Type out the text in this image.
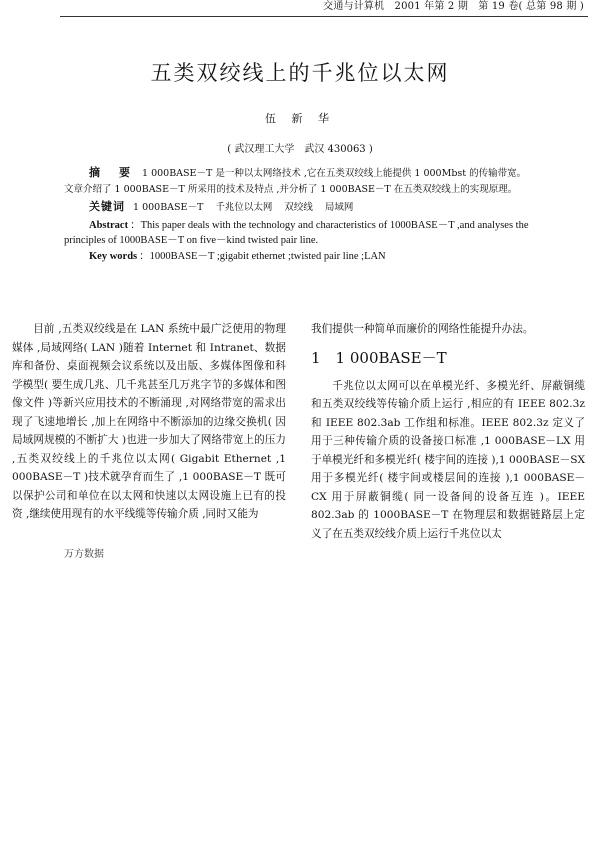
交通与计算机　2001 年第 2 期　第 19 卷( 总第 98 期 )
五类双绞线上的千兆位以太网
伍 新 华
( 武汉理工大学　武汉 430063 )

摘　要 1 000BASE－T 是一种以太网络技术 ,它在五类双绞线上能提供 1 000Mbst 的传输带宽。文章介绍了 1 000BASE－T 所采用的技术及特点 ,并分析了 1 000BASE－T 在五类双绞线上的实现原理。

关键词 1 000BASE－T 千兆位以太网 双绞线 局域网

Abstract ：This paper deals with the technology and characteristics of 1000BASE－T ,and analyses the principles of 1000BASE－T on five－kind twisted pair line.

Key words ：1000BASE－T ;gigabit ethernet ;twisted pair line ;LAN

目前 ,五类双绞线是在 LAN 系统中最广泛使用的物理媒体 ,局域网络( LAN )随着 Internet 和 Intranet、数据库和备份、桌面视频会议系统以及出版、多媒体图像和科学模型( 要生成几兆、几千兆甚至几万兆字节的多媒体和图像文件 )等新兴应用技术的不断涌现 ,对网络带宽的需求出现了飞速地增长 ,加上在网络中不断添加的边缘交换机( 因局域网规模的不断扩大 )也进一步加大了网络带宽上的压力 ,五类双绞线上的千兆位以太网( Gigabit Ethernet ,1 000BASE－T )技术就孕育而生了 ,1 000BASE－T 既可以保护公司和单位在以太网和快速以太网设施上已有的投资 ,继续使用现有的水平线缆等传输介质 ,同时又能为

我们提供一种简单而廉价的网络性能提升办法。

1　1 000BASE－T

千兆位以太网可以在单模光纤、多模光纤、屏蔽铜缆和五类双绞线等传输介质上运行 ,相应的有 IEEE 802.3z 和 IEEE 802.3ab 工作组和标准。IEEE 802.3z 定义了用于三种传输介质的设备接口标准 ,1 000BASE－LX 用于单模光纤和多模光纤( 楼宇间的连接 ),1 000BASE－SX 用于多模光纤( 楼宇间或楼层间的连接 ),1 000BASE－CX 用于屏蔽铜缆( 同一设备间的设备互连 )。IEEE 802.3ab 的 1000BASE－T 在物理层和数据链路层上定义了在五类双绞线介质上运行千兆位以太

万方数据
